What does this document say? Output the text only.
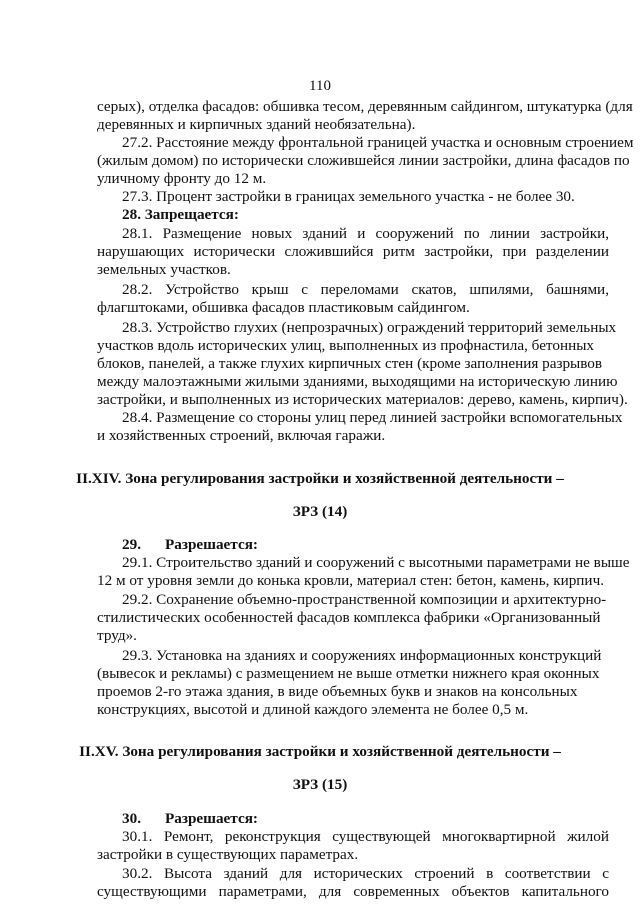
110
серых), отделка фасадов: обшивка тесом, деревянным сайдингом, штукатурка (для
деревянных и кирпичных зданий необязательна).
27.2. Расстояние между фронтальной границей участка и основным строением
(жилым домом) по исторически сложившейся линии застройки, длина фасадов по
уличному фронту до 12 м.
27.3. Процент застройки в границах земельного участка - не более 30.
28. Запрещается:
28.1. Размещение новых зданий и сооружений по линии застройки,
нарушающих исторически сложившийся ритм застройки, при разделении
земельных участков.
28.2. Устройство крыш с переломами скатов, шпилями, башнями,
флагштоками, обшивка фасадов пластиковым сайдингом.
28.3. Устройство глухих (непрозрачных) ограждений территорий земельных
участков вдоль исторических улиц, выполненных из профнастила, бетонных
блоков, панелей, а также глухих кирпичных стен (кроме заполнения разрывов
между малоэтажными жилыми зданиями, выходящими на историческую линию
застройки, и выполненных из исторических материалов: дерево, камень, кирпич).
28.4. Размещение со стороны улиц перед линией застройки вспомогательных
и хозяйственных строений, включая гаражи.
II.XIV. Зона регулирования застройки и хозяйственной деятельности –
ЗРЗ (14)
29. Разрешается:
29.1. Строительство зданий и сооружений с высотными параметрами не выше
12 м от уровня земли до конька кровли, материал стен: бетон, камень, кирпич.
29.2. Сохранение объемно-пространственной композиции и архитектурно-
стилистических особенностей фасадов комплекса фабрики «Организованный
труд».
29.3. Установка на зданиях и сооружениях информационных конструкций
(вывесок и рекламы) с размещением не выше отметки нижнего края оконных
проемов 2-го этажа здания, в виде объемных букв и знаков на консольных
конструкциях, высотой и длиной каждого элемента не более 0,5 м.
II.XV. Зона регулирования застройки и хозяйственной деятельности –
ЗРЗ (15)
30. Разрешается:
30.1. Ремонт, реконструкция существующей многоквартирной жилой
застройки в существующих параметрах.
30.2. Высота зданий для исторических строений в соответствии с
существующими параметрами, для современных объектов капитального
